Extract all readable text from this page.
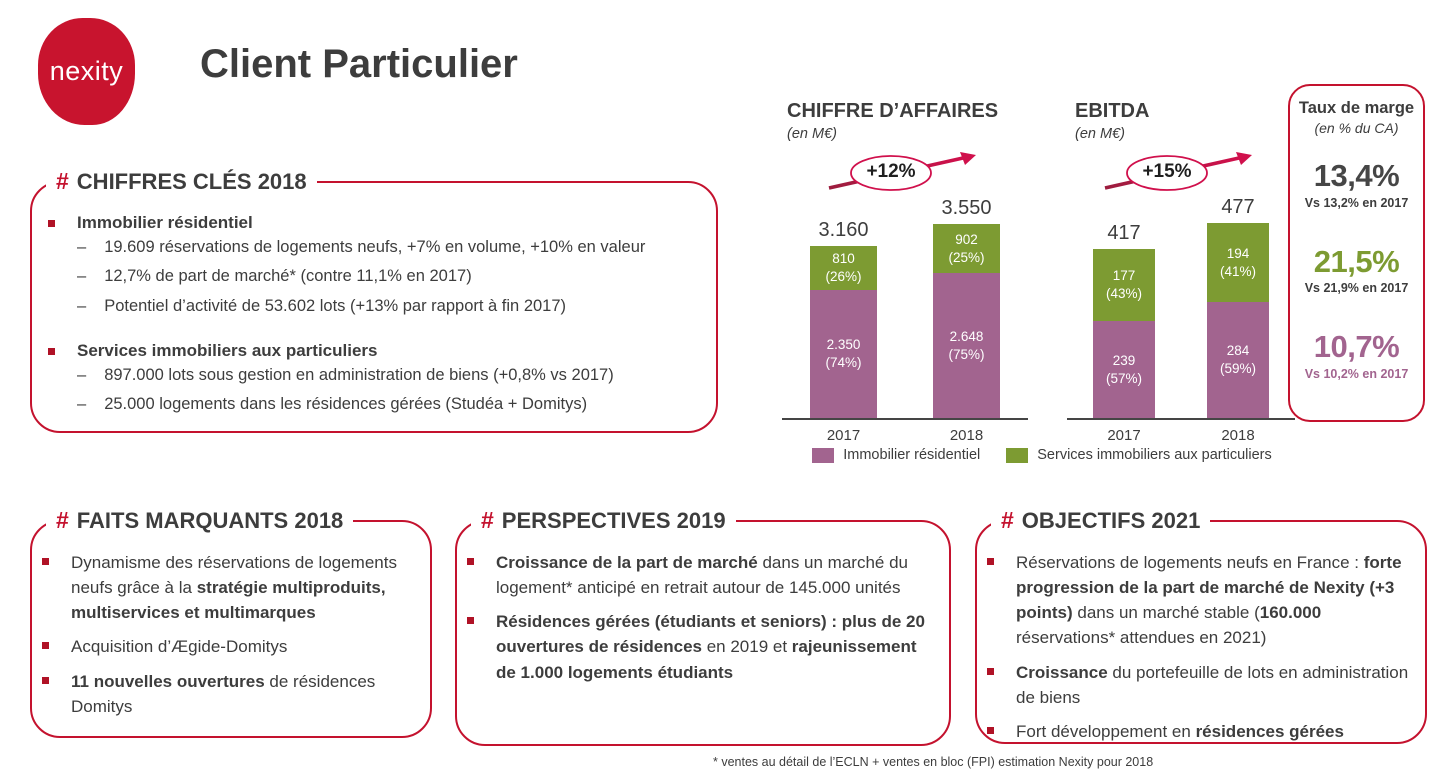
nexity Client Particulier
# CHIFFRES CLÉS 2018
Immobilier résidentiel
– 19.609 réservations de logements neufs, +7% en volume, +10% en valeur
– 12,7% de part de marché* (contre 11,1% en 2017)
– Potentiel d’activité de 53.602 lots (+13% par rapport à fin 2017)
Services immobiliers aux particuliers
– 897.000 lots sous gestion en administration de biens (+0,8% vs 2017)
– 25.000 logements dans les résidences gérées (Studéa + Domitys)
CHIFFRE D’AFFAIRES
(en M€)
EBITDA
(en M€)
+12%	+15%
3.160
810
(26%)
2.350
(74%)
3.550
902
(25%)
2.648
(75%)
2017	2018
417
177
(43%)
239
(57%)
477
194
(41%)
284
(59%)
2017	2018
Immobilier résidentiel	Services immobiliers aux particuliers
Taux de marge
(en % du CA)
13,4%
Vs 13,2% en 2017
21,5%
Vs 21,9% en 2017
10,7%
Vs 10,2% en 2017
# FAITS MARQUANTS 2018
Dynamisme des réservations de logements neufs grâce à la stratégie multiproduits, multiservices et multimarques
Acquisition d’Ægide-Domitys
11 nouvelles ouvertures de résidences Domitys
# PERSPECTIVES 2019
Croissance de la part de marché dans un marché du logement* anticipé en retrait autour de 145.000 unités
Résidences gérées (étudiants et seniors) : plus de 20 ouvertures de résidences en 2019 et rajeunissement de 1.000 logements étudiants
# OBJECTIFS 2021
Réservations de logements neufs en France : forte progression de la part de marché de Nexity (+3 points) dans un marché stable (160.000 réservations* attendues en 2021)
Croissance du portefeuille de lots en administration de biens
Fort développement en résidences gérées
* ventes au détail de l’ECLN + ventes en bloc (FPI) estimation Nexity pour 2018
